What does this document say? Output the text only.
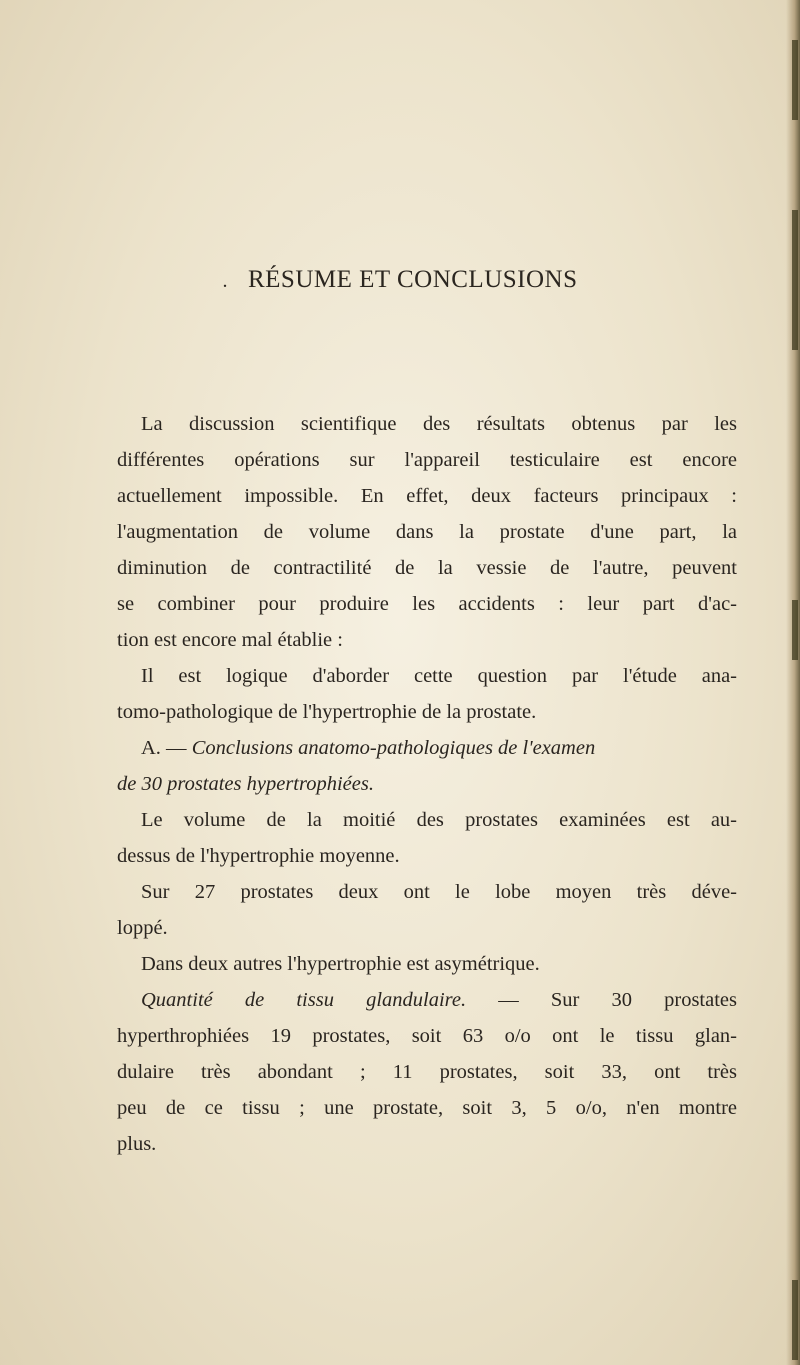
. RÉSUME ET CONCLUSIONS
La discussion scientifique des résultats obtenus par les
différentes opérations sur l'appareil testiculaire est encore
actuellement impossible. En effet, deux facteurs principaux :
l'augmentation de volume dans la prostate d'une part, la
diminution de contractilité de la vessie de l'autre, peuvent
se combiner pour produire les accidents : leur part d'ac-
tion est encore mal établie :
Il est logique d'aborder cette question par l'étude ana-
tomo-pathologique de l'hypertrophie de la prostate.
A. — Conclusions anatomo-pathologiques de l'examen
de 30 prostates hypertrophiées.
Le volume de la moitié des prostates examinées est au-
dessus de l'hypertrophie moyenne.
Sur 27 prostates deux ont le lobe moyen très déve-
loppé.
Dans deux autres l'hypertrophie est asymétrique.
Quantité de tissu glandulaire. — Sur 30 prostates
hyperthrophiées 19 prostates, soit 63 o/o ont le tissu glan-
dulaire très abondant ; 11 prostates, soit 33, ont très
peu de ce tissu ; une prostate, soit 3, 5 o/o, n'en montre
plus.
